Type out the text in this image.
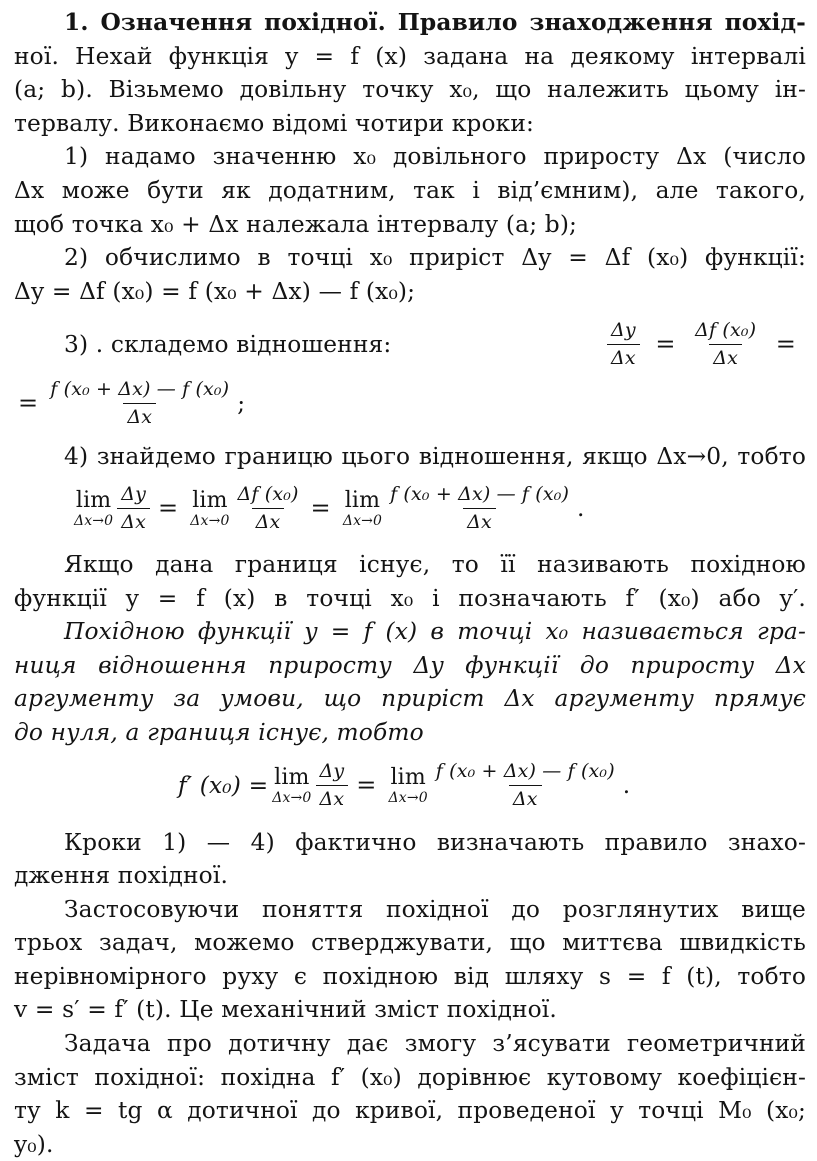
1. Означення похідної. Правило знаходження похід-
ної. Нехай функція y = f (x) задана на деякому інтервалі
(a; b). Візьмемо довільну точку x₀, що належить цьому ін-
тервалу. Виконаємо відомі чотири кроки:
1) надамо значенню x₀ довільного приросту Δx (число
Δx може бути як додатним, так і від’ємним), але такого,
щоб точка x₀ + Δx належала інтервалу (a; b);
2) обчислимо в точці x₀ приріст Δy = Δf (x₀) функції:
Δy = Δf (x₀) = f (x₀ + Δx) — f (x₀);
3) . складемо відношення:	$\frac{\Delta y}{\Delta x} = \frac{\text{Δf (x₀)}}{\Delta x}$ =
= $\frac{\text{f (x₀ + Δx) — f (x₀)}}{\Delta x}$ ;
4) знайдемо границю цього відношення, якщо Δx→0, тобто
lim
$\Delta x\to 0 \frac{\Delta y}{\Delta x} = \lim$
$\Delta x\to 0 \frac{\text{Δf (x₀)}}{\Delta x} = \lim$
$\Delta x\to 0 \frac{\text{f (x₀ + Δx) — f (x₀)}}{\Delta x}$ .
Якщо дана границя існує, то її називають похідною
функції y = f (x) в точці x₀ і позначають f′ (x₀) або y′.
Похідною функції y = f (x) в точці x₀ називається гра-
ниця відношення приросту Δy функції до приросту Δx
аргументу за умови, що приріст Δx аргументу прямує
до нуля, а границя існує, тобто
f′ (x₀) = lim
$\Delta x\to 0 \frac{\Delta y}{\Delta x} = \lim$
$\Delta x\to 0 \frac{\text{f (x₀ + Δx) — f (x₀)}}{\Delta x}$ .
Кроки 1) — 4) фактично визначають правило знахо-
дження похідної.
Застосовуючи поняття похідної до розглянутих вище
трьох задач, можемо стверджувати, що миттєва швидкість
нерівномірного руху є похідною від шляху s = f (t), тобто
v = s′ = f′ (t). Це механічний зміст похідної.
Задача про дотичну дає змогу з’ясувати геометричний
зміст похідної: похідна f′ (x₀) дорівнює кутовому коефіцієн-
ту k = tg α дотичної до кривої, проведеної у точці M₀ (x₀;
y₀).
